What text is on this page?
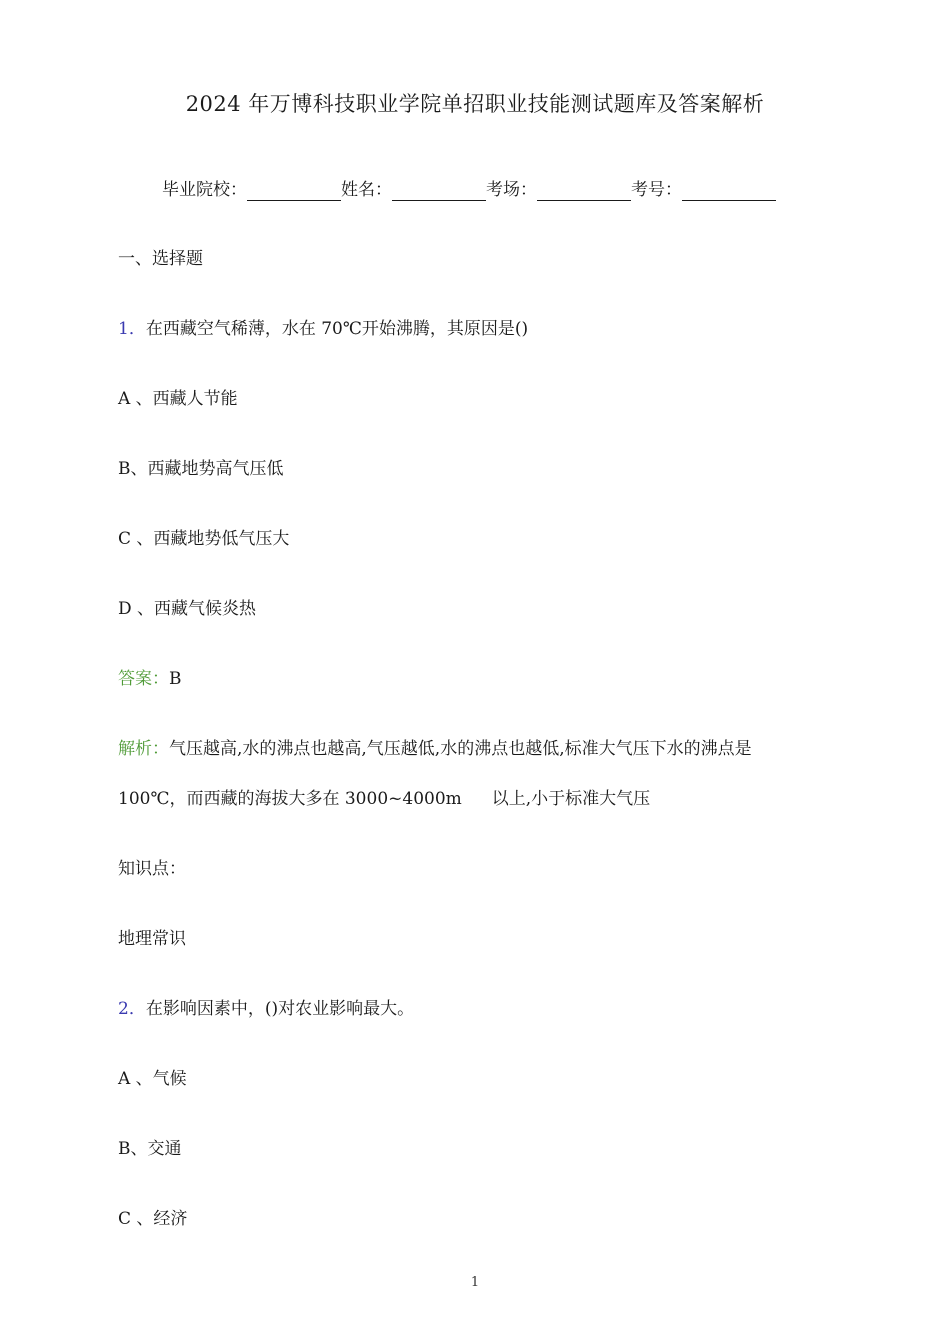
2024 年万博科技职业学院单招职业技能测试题库及答案解析
毕业院校：	姓名：	考场：	考号：
一、选择题
1．在西藏空气稀薄，水在 70℃开始沸腾，其原因是()
A 、西藏人节能
B、西藏地势高气压低
C 、西藏地势低气压大
D 、西藏气候炎热
答案：B
解析：气压越高,水的沸点也越高,气压越低,水的沸点也越低,标准大气压下水的沸点是
100℃，而西藏的海拔大多在 3000~4000m 以上,小于标准大气压
知识点：
地理常识
2．在影响因素中，()对农业影响最大。
A 、气候
B、交通
C 、经济
1
